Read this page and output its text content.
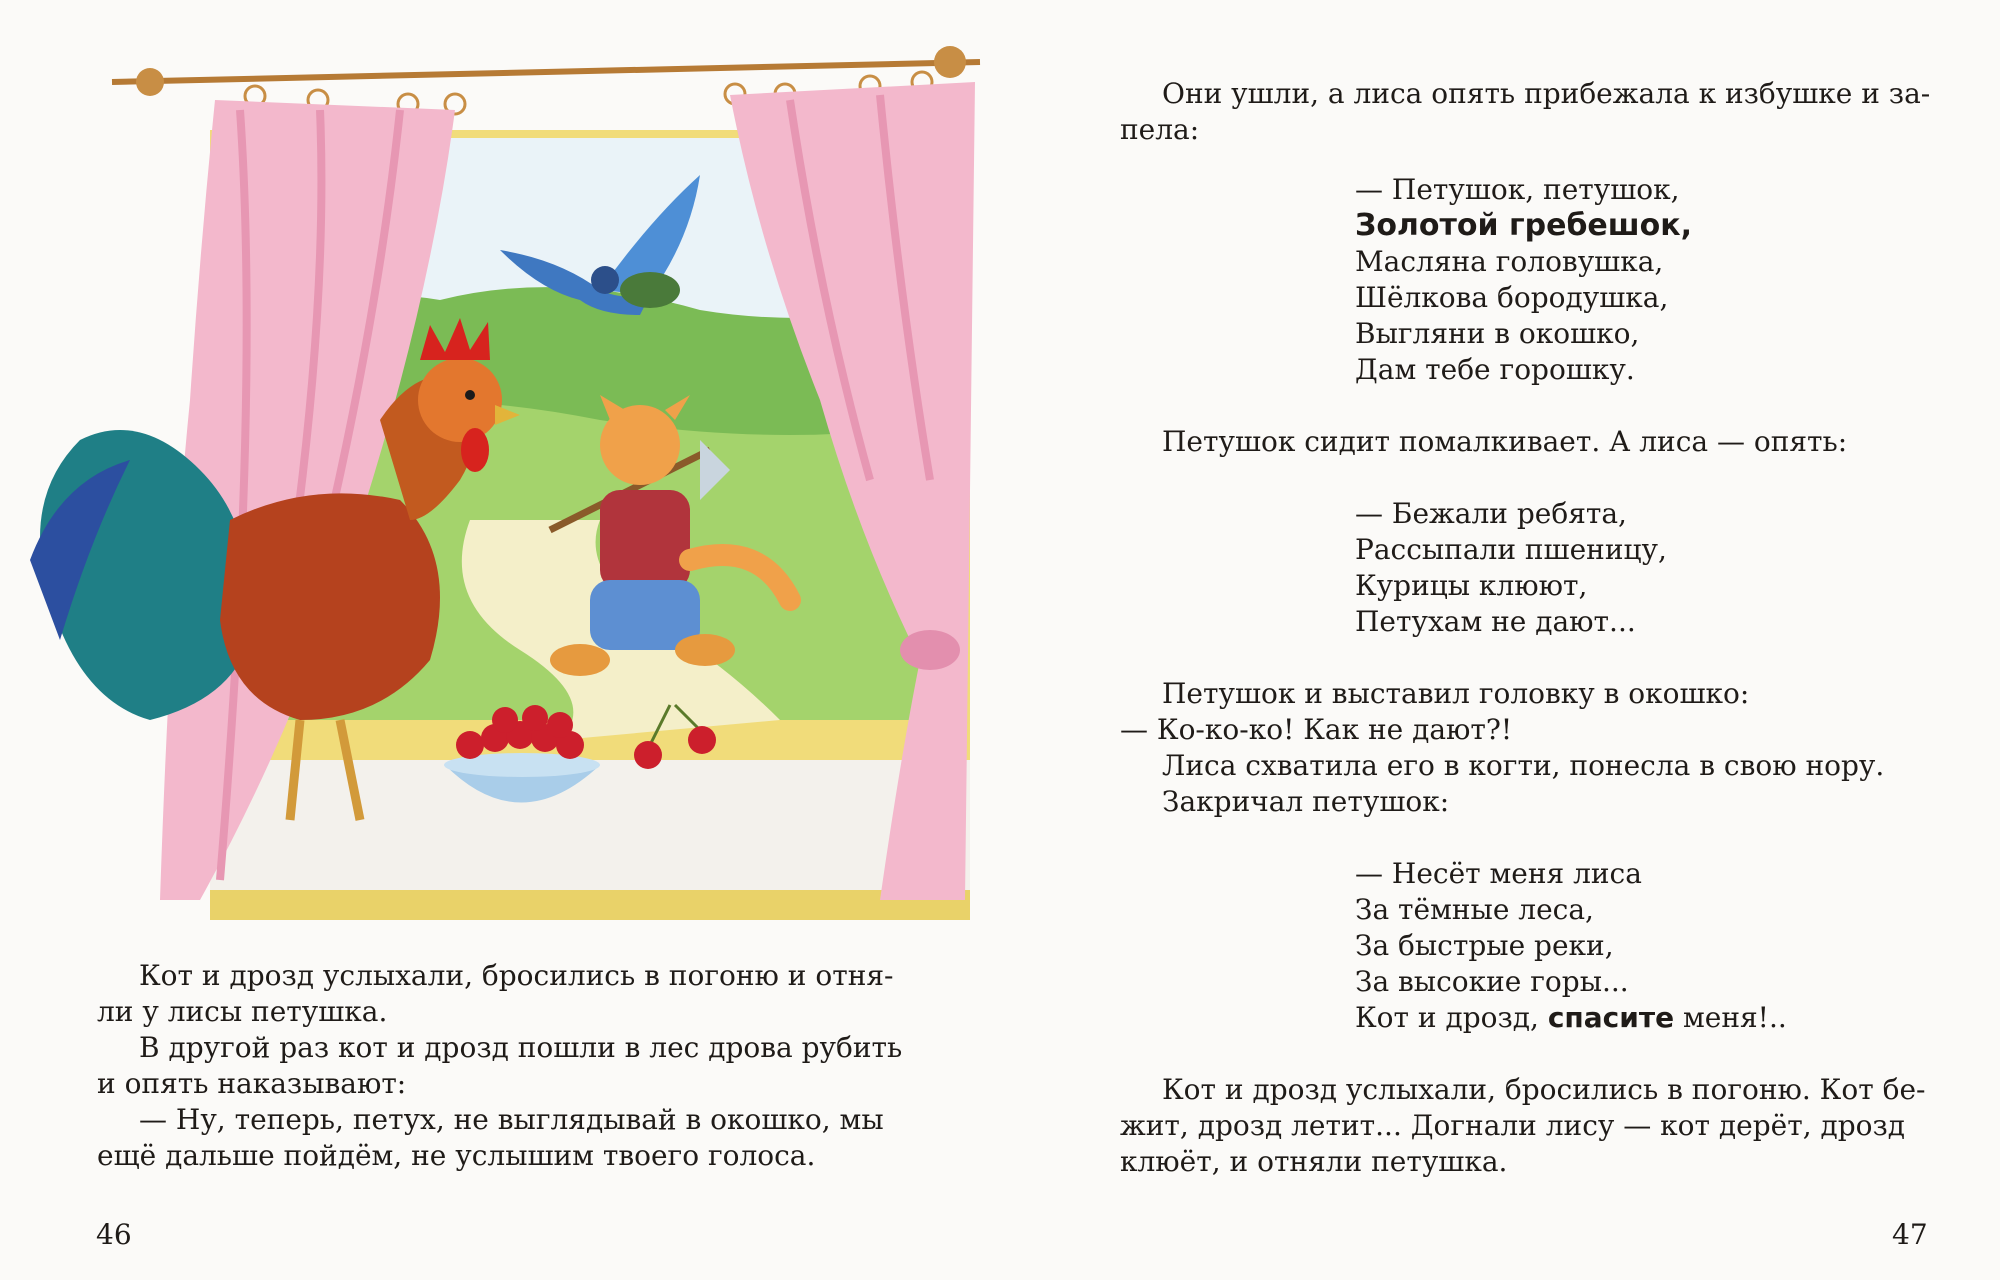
Кот и дрозд услыхали, бросились в погоню и отня-

ли у лисы петушка.

В другой раз кот и дрозд пошли в лес дрова рубить

и опять наказывают:

— Ну, теперь, петух, не выглядывай в окошко, мы

ещё дальше пойдём, не услышим твоего голоса.

46
Они ушли, а лиса опять прибежала к избушке и за-
пела:
— Петушок, петушок,
Золотой гребешок,
Масляна головушка,
Шёлкова бородушка,
Выгляни в окошко,
Дам тебе горошку.
Петушок сидит помалкивает. А лиса — опять:
— Бежали ребята,
Рассыпали пшеницу,
Курицы клюют,
Петухам не дают...
Петушок и выставил головку в окошко:
— Ко-ко-ко! Как не дают?!
Лиса схватила его в когти, понесла в свою нору.
Закричал петушок:
— Несёт меня лиса
За тёмные леса,
За быстрые реки,
За высокие горы...
Кот и дрозд, спасите меня!..
Кот и дрозд услыхали, бросились в погоню. Кот бе-
жит, дрозд летит... Догнали лису — кот дерёт, дрозд
клюёт, и отняли петушка.
47
